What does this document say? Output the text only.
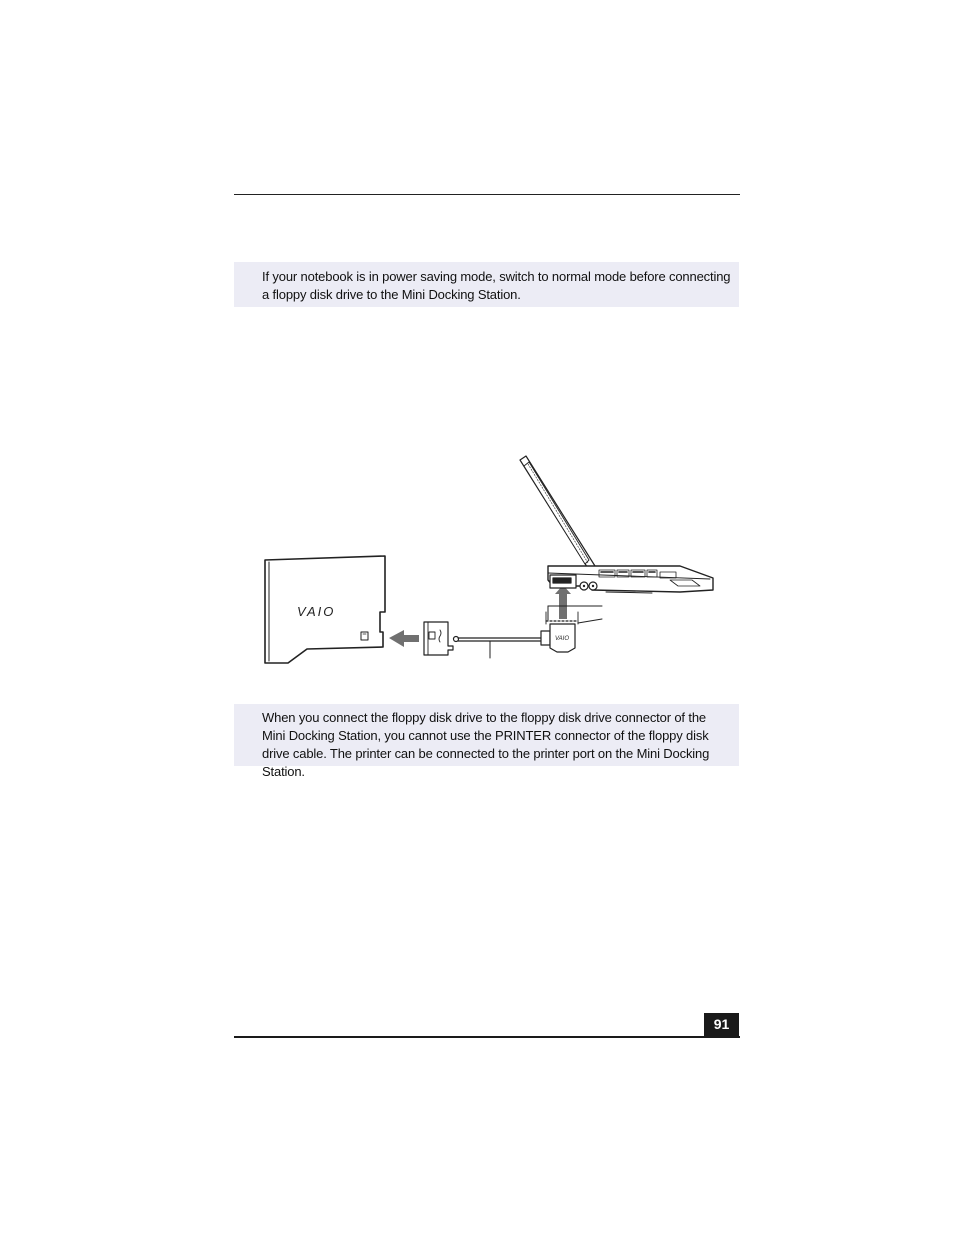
If your notebook is in power saving mode, switch to normal mode before connecting a floppy disk drive to the Mini Docking Station.
VAIO
VAIO
When you connect the floppy disk drive to the floppy disk drive connector of the Mini Docking Station, you cannot use the PRINTER connector of the floppy disk drive cable. The printer can be connected to the printer port on the Mini Docking Station.
91
